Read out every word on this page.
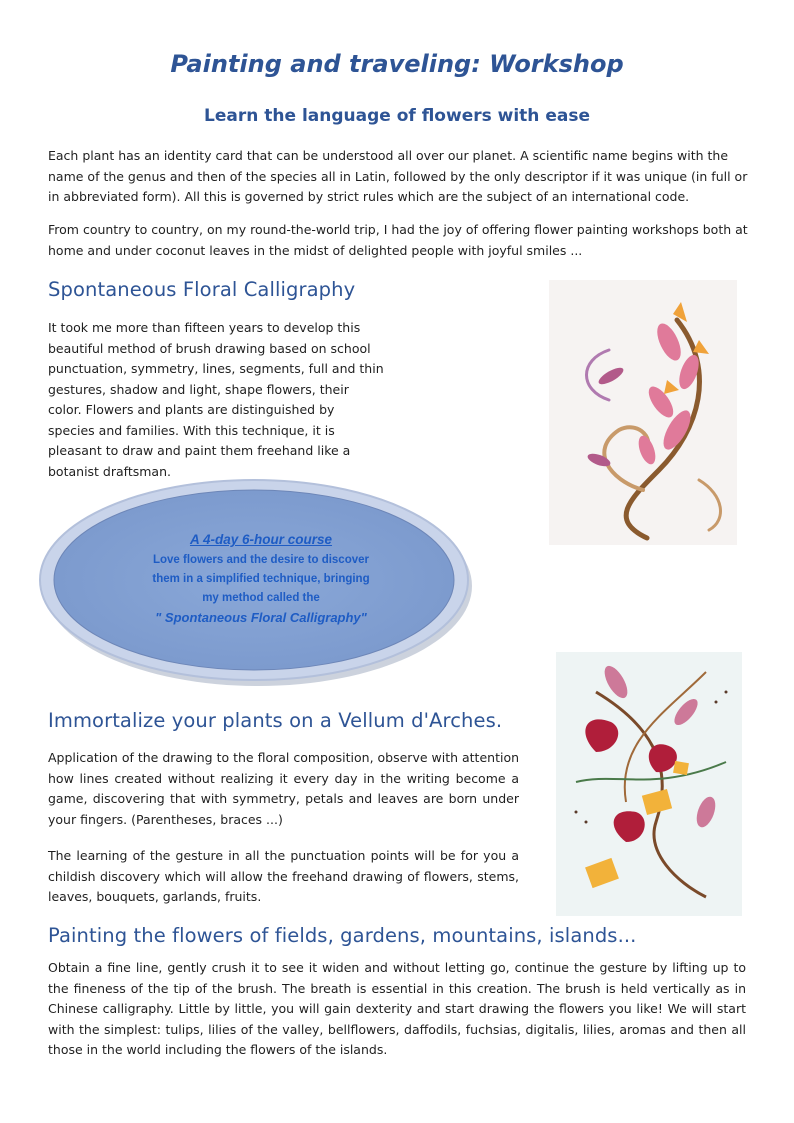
Painting and traveling: Workshop
Learn the language of flowers with ease

Each plant has an identity card that can be understood all over our planet. A scientific name begins with the name of the genus and then of the species all in Latin, followed by the only descriptor if it was unique (in full or in abbreviated form). All this is governed by strict rules which are the subject of an international code.

From country to country, on my round-the-world trip, I had the joy of offering flower painting workshops both at home and under coconut leaves in the midst of delighted people with joyful smiles ...

Spontaneous Floral Calligraphy

It took me more than fifteen years to develop this beautiful method of brush drawing based on school punctuation, symmetry, lines, segments, full and thin gestures, shadow and light, shape flowers, their color. Flowers and plants are distinguished by species and families. With this technique, it is pleasant to draw and paint them freehand like a botanist draftsman.

A 4-day 6-hour course
Love flowers and the desire to discover
them in a simplified technique, bringing
my method called the
" Spontaneous Floral Calligraphy"
Immortalize your plants on a Vellum d'Arches.

Application of the drawing to the floral composition, observe with attention how lines created without realizing it every day in the writing become a game, discovering that with symmetry, petals and leaves are born under your fingers. (Parentheses, braces ...)

The learning of the gesture in all the punctuation points will be for you a childish discovery which will allow the freehand drawing of flowers, stems, leaves, bouquets, garlands, fruits.

Painting the flowers of fields, gardens, mountains, islands...

Obtain a fine line, gently crush it to see it widen and without letting go, continue the gesture by lifting up to the fineness of the tip of the brush. The breath is essential in this creation. The brush is held vertically as in Chinese calligraphy. Little by little, you will gain dexterity and start drawing the flowers you like! We will start with the simplest: tulips, lilies of the valley, bellflowers, daffodils, fuchsias, digitalis, lilies, aromas and then all those in the world including the flowers of the islands.
